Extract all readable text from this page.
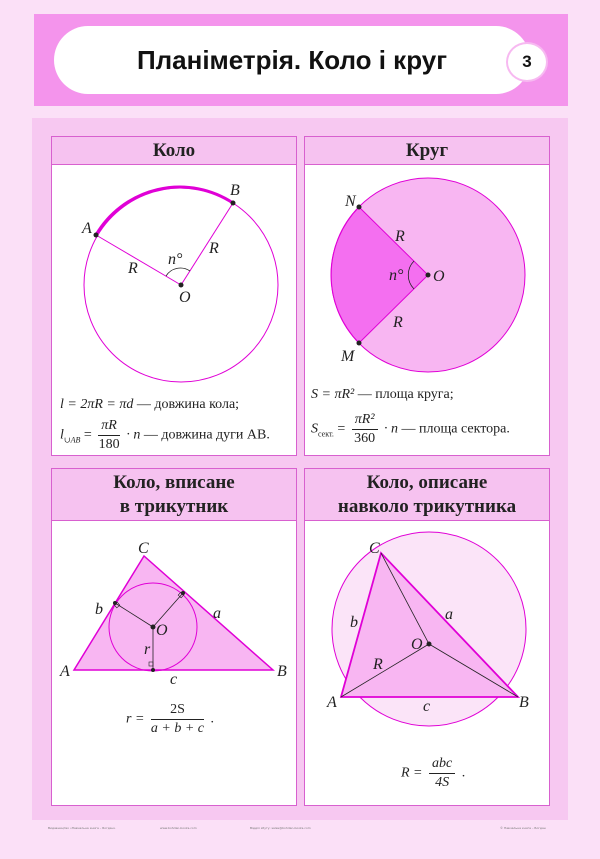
Планіметрія. Коло і круг	3
Коло
A
B
O
R
R
n°
l = 2πR = πd — довжина кола;
$l_{\cup AB} = \frac{\pi R}{180} \cdot n$ — довжина дуги AB.
Круг
N
M
O
R
R
n°
S = πR² — площа круга;
$S_{сект.} = \frac{\text{πR²}}{360} \cdot n$ — площа сектора.
Коло, вписане
в трикутник
A	B
C
O
a
b
c
r
$r = \frac{2S}{a + b + c}$ .
Коло, описане
навколо трикутника
A	B
C
O
a
b
c
R
$R = \frac{\text{abc}}{4S}$ .
Видавництво «Навчальна книга – Богдан»	www.bohdan-books.com	Відділ збуту: sales@bohdan-books.com	© Навчальна книга – Богдан
